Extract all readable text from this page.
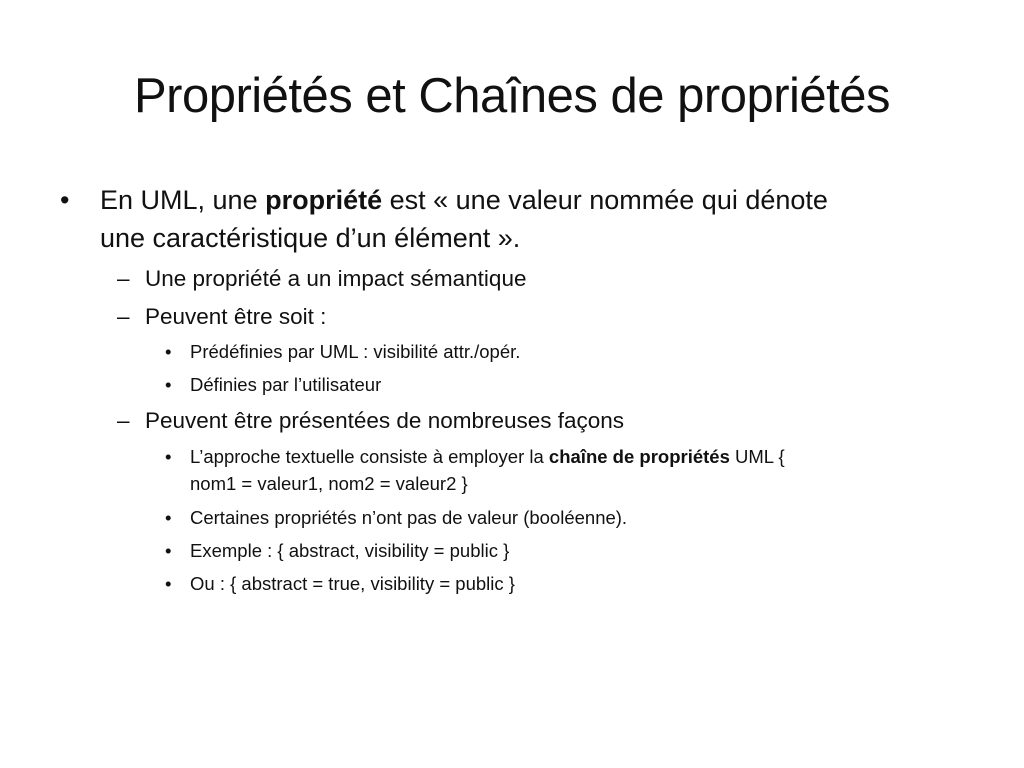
Propriétés et Chaînes de propriétés
• En UML, une propriété est « une valeur nommée qui dénote
une caractéristique d’un élément ».
– Une propriété a un impact sémantique
– Peuvent être soit :
• Prédéfinies par UML : visibilité attr./opér.
• Définies par l’utilisateur
– Peuvent être présentées de nombreuses façons
• L’approche textuelle consiste à employer la chaîne de propriétés UML {
nom1 = valeur1, nom2 = valeur2 }
• Certaines propriétés n’ont pas de valeur (booléenne).
• Exemple : { abstract, visibility = public }
• Ou : { abstract = true, visibility = public }
